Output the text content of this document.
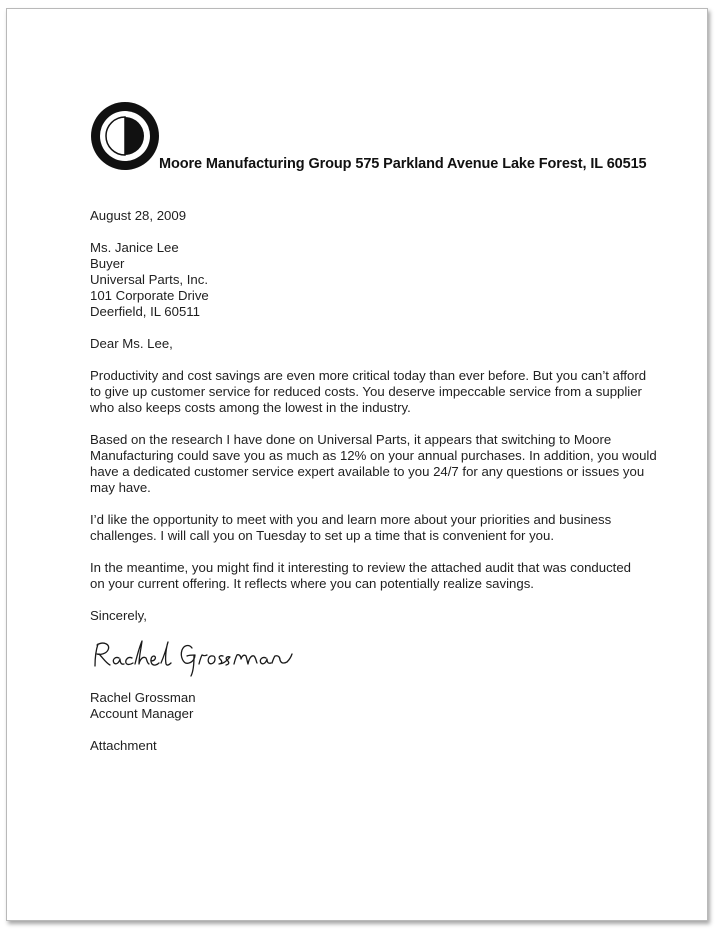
Moore Manufacturing Group 575 Parkland Avenue Lake Forest, IL 60515
August 28, 2009
Ms. Janice Lee
Buyer
Universal Parts, Inc.
101 Corporate Drive
Deerfield, IL 60511
Dear Ms. Lee,
Productivity and cost savings are even more critical today than ever before. But you can’t afford
to give up customer service for reduced costs. You deserve impeccable service from a supplier
who also keeps costs among the lowest in the industry.
Based on the research I have done on Universal Parts, it appears that switching to Moore
Manufacturing could save you as much as 12% on your annual purchases. In addition, you would
have a dedicated customer service expert available to you 24/7 for any questions or issues you
may have.
I’d like the opportunity to meet with you and learn more about your priorities and business
challenges. I will call you on Tuesday to set up a time that is convenient for you.
In the meantime, you might find it interesting to review the attached audit that was conducted
on your current offering. It reflects where you can potentially realize savings.
Sincerely,
Rachel Grossman
Account Manager
Attachment
